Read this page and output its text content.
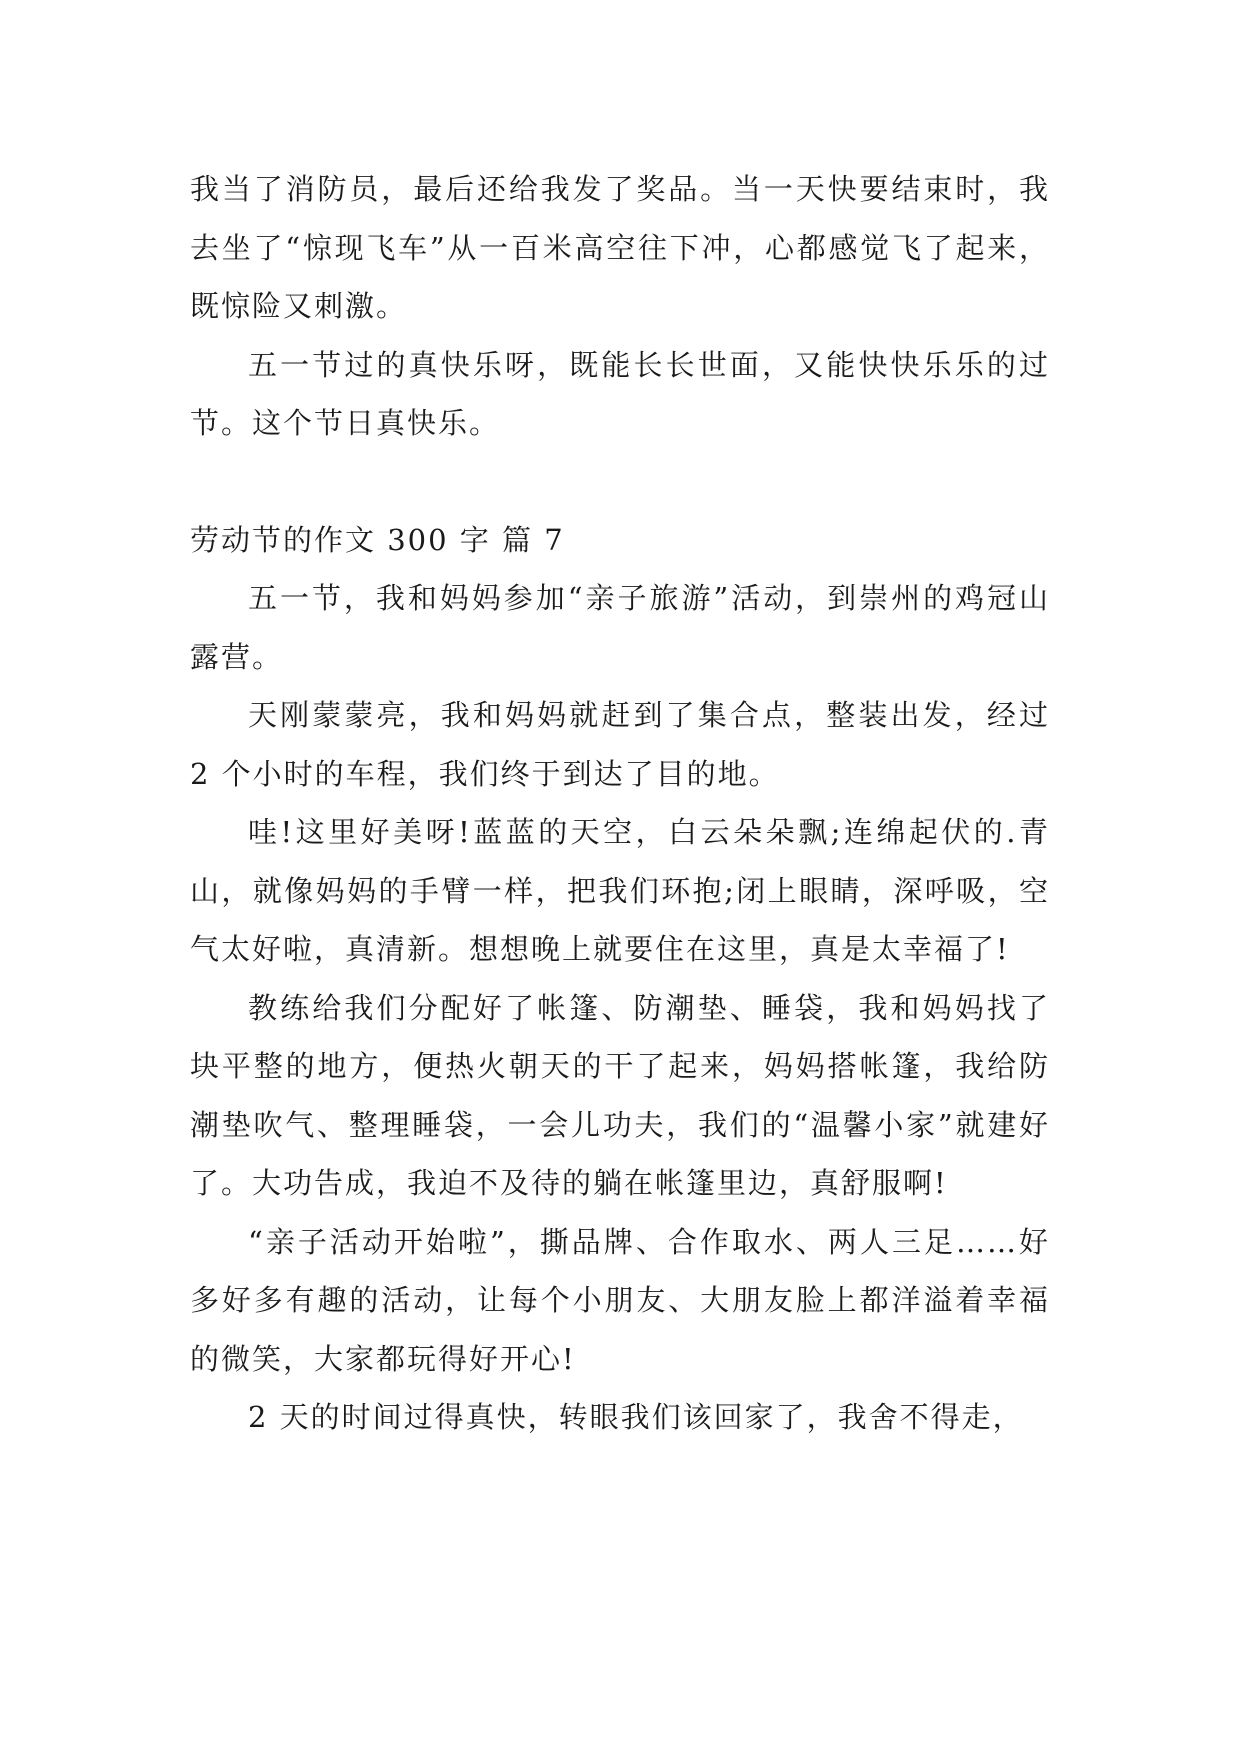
我当了消防员，最后还给我发了奖品。当一天快要结束时，我去坐了“惊现飞车”从一百米高空往下冲，心都感觉飞了起来，既惊险又刺激。

五一节过的真快乐呀，既能长长世面，又能快快乐乐的过节。这个节日真快乐。

劳动节的作文 300 字 篇 7

五一节，我和妈妈参加“亲子旅游”活动，到崇州的鸡冠山露营。

天刚蒙蒙亮，我和妈妈就赶到了集合点，整装出发，经过 2 个小时的车程，我们终于到达了目的地。

哇!这里好美呀!蓝蓝的天空，白云朵朵飘;连绵起伏的.青山，就像妈妈的手臂一样，把我们环抱;闭上眼睛，深呼吸，空气太好啦，真清新。想想晚上就要住在这里，真是太幸福了!

教练给我们分配好了帐篷、防潮垫、睡袋，我和妈妈找了块平整的地方，便热火朝天的干了起来，妈妈搭帐篷，我给防潮垫吹气、整理睡袋，一会儿功夫，我们的“温馨小家”就建好了。大功告成，我迫不及待的躺在帐篷里边，真舒服啊!

“亲子活动开始啦”，撕品牌、合作取水、两人三足……好多好多有趣的活动，让每个小朋友、大朋友脸上都洋溢着幸福的微笑，大家都玩得好开心!

2 天的时间过得真快，转眼我们该回家了，我舍不得走，
